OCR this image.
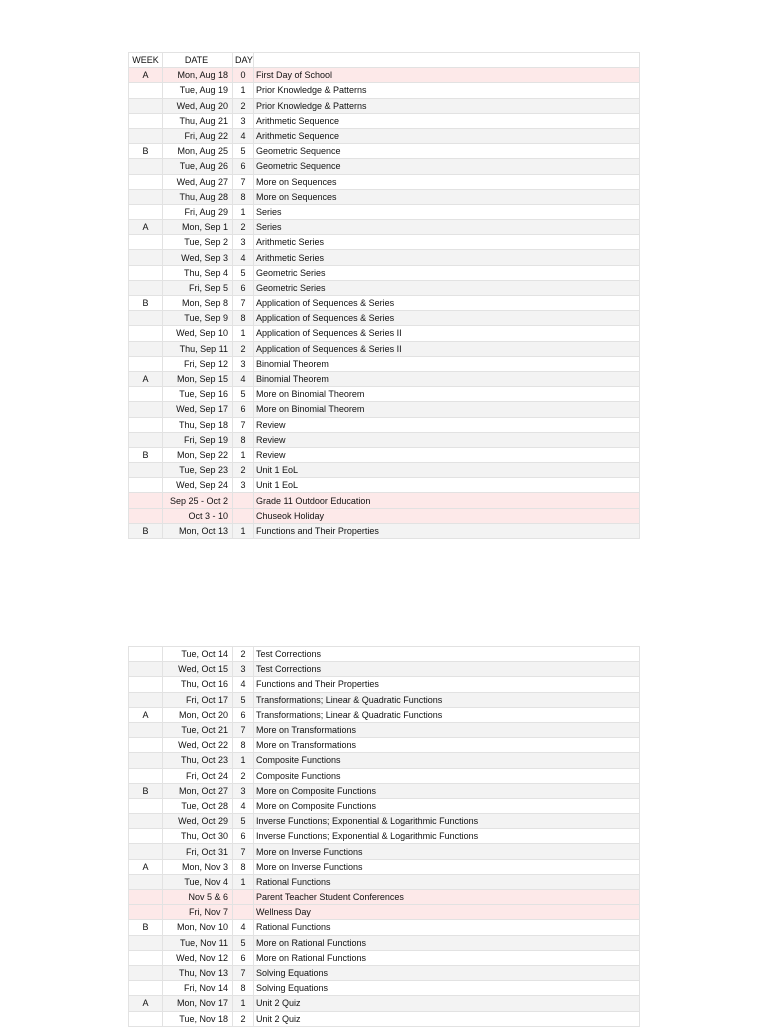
WEEK	DATE	DAY	
A	Mon, Aug 18	0	First Day of School
	Tue, Aug 19	1	Prior Knowledge & Patterns
	Wed, Aug 20	2	Prior Knowledge & Patterns
	Thu, Aug 21	3	Arithmetic Sequence
	Fri, Aug 22	4	Arithmetic Sequence
B	Mon, Aug 25	5	Geometric Sequence
	Tue, Aug 26	6	Geometric Sequence
	Wed, Aug 27	7	More on Sequences
	Thu, Aug 28	8	More on Sequences
	Fri, Aug 29	1	Series
A	Mon, Sep 1	2	Series
	Tue, Sep 2	3	Arithmetic Series
	Wed, Sep 3	4	Arithmetic Series
	Thu, Sep 4	5	Geometric Series
	Fri, Sep 5	6	Geometric Series
B	Mon, Sep 8	7	Application of Sequences & Series
	Tue, Sep 9	8	Application of Sequences & Series
	Wed, Sep 10	1	Application of Sequences & Series II
	Thu, Sep 11	2	Application of Sequences & Series II
	Fri, Sep 12	3	Binomial Theorem
A	Mon, Sep 15	4	Binomial Theorem
	Tue, Sep 16	5	More on Binomial Theorem
	Wed, Sep 17	6	More on Binomial Theorem
	Thu, Sep 18	7	Review
	Fri, Sep 19	8	Review
B	Mon, Sep 22	1	Review
	Tue, Sep 23	2	Unit 1 EoL
	Wed, Sep 24	3	Unit 1 EoL
	Sep 25 - Oct 2		Grade 11 Outdoor Education
	Oct 3 - 10		Chuseok Holiday
B	Mon, Oct 13	1	Functions and Their Properties
	Tue, Oct 14	2	Test Corrections
	Wed, Oct 15	3	Test Corrections
	Thu, Oct 16	4	Functions and Their Properties
	Fri, Oct 17	5	Transformations; Linear & Quadratic Functions
A	Mon, Oct 20	6	Transformations; Linear & Quadratic Functions
	Tue, Oct 21	7	More on Transformations
	Wed, Oct 22	8	More on Transformations
	Thu, Oct 23	1	Composite Functions
	Fri, Oct 24	2	Composite Functions
B	Mon, Oct 27	3	More on Composite Functions
	Tue, Oct 28	4	More on Composite Functions
	Wed, Oct 29	5	Inverse Functions; Exponential & Logarithmic Functions
	Thu, Oct 30	6	Inverse Functions; Exponential & Logarithmic Functions
	Fri, Oct 31	7	More on Inverse Functions
A	Mon, Nov 3	8	More on Inverse Functions
	Tue, Nov 4	1	Rational Functions
	Nov 5 & 6		Parent Teacher Student Conferences
	Fri, Nov 7		Wellness Day
B	Mon, Nov 10	4	Rational Functions
	Tue, Nov 11	5	More on Rational Functions
	Wed, Nov 12	6	More on Rational Functions
	Thu, Nov 13	7	Solving Equations
	Fri, Nov 14	8	Solving Equations
A	Mon, Nov 17	1	Unit 2 Quiz
	Tue, Nov 18	2	Unit 2 Quiz
